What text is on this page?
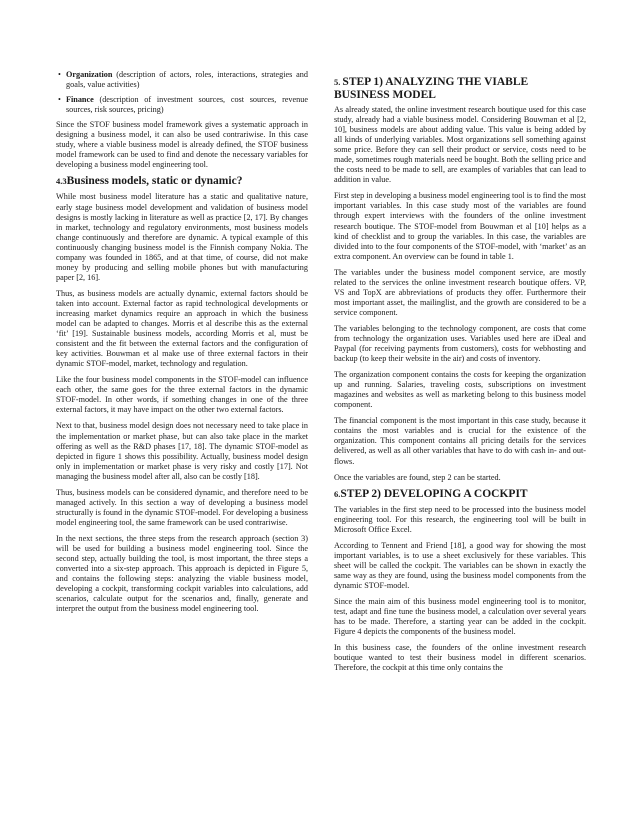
• Organization (description of actors, roles, interactions, strategies and goals, value activities)
• Finance (description of investment sources, cost sources, revenue sources, risk sources, pricing)

Since the STOF business model framework gives a systematic approach in designing a business model, it can also be used contrariwise. In this case study, where a viable business model is already defined, the STOF business model framework can be used to find and denote the necessary variables for developing a business model engineering tool.

4.3Business models, static or dynamic?

While most business model literature has a static and qualitative nature, early stage business model development and validation of business model designs is mostly lacking in literature as well as practice [2, 17]. By changes in market, technology and regulatory environments, most business models change continuously and therefore are dynamic. A typical example of this continuously changing business model is the Finnish company Nokia. The company was founded in 1865, and at that time, of course, did not make money by producing and selling mobile phones but with manufacturing paper [2, 16].

Thus, as business models are actually dynamic, external factors should be taken into account. External factor as rapid technological developments or increasing market dynamics require an approach in which the business model can be adapted to changes. Morris et al describe this as the external ‘fit’ [19]. Sustainable business models, according Morris et al, must be consistent and the fit between the external factors and the configuration of key activities. Bouwman et al make use of three external factors in their dynamic STOF-model, market, technology and regulation.

Like the four business model components in the STOF-model can influence each other, the same goes for the three external factors in the dynamic STOF-model. In other words, if something changes in one of the three external factors, it may have impact on the other two external factors.

Next to that, business model design does not necessary need to take place in the implementation or market phase, but can also take place in the market offering as well as the R&D phases [17, 18]. The dynamic STOF-model as depicted in figure 1 shows this possibility. Actually, business model design only in implementation or market phase is very risky and costly [17]. Not managing the business model after all, also can be costly [18].

Thus, business models can be considered dynamic, and therefore need to be managed actively. In this section a way of developing a business model structurally is found in the dynamic STOF-model. For developing a business model engineering tool, the same framework can be used contrariwise.

In the next sections, the three steps from the research approach (section 3) will be used for building a business model engineering tool. Since the second step, actually building the tool, is most important, the three steps a converted into a six-step approach. This approach is depicted in Figure 5, and contains the following steps: analyzing the viable business model, developing a cockpit, transforming cockpit variables into calculations, add scenarios, calculate output for the scenarios and, finally, generate and interpret the output from the business model engineering tool.

5. STEP 1) ANALYZING THE VIABLE BUSINESS MODEL

As already stated, the online investment research boutique used for this case study, already had a viable business model. Considering Bouwman et al [2, 10], business models are about adding value. This value is being added by all kinds of underlying variables. Most organizations sell something against some price. Before they can sell their product or service, costs need to be made, sometimes rough materials need be bought. Both the selling price and the costs need to be made to sell, are examples of variables that can lead to addition in value.

First step in developing a business model engineering tool is to find the most important variables. In this case study most of the variables are found through expert interviews with the founders of the online investment research boutique. The STOF-model from Bouwman et al [10] helps as a kind of checklist and to group the variables. In this case, the variables are divided into to the four components of the STOF-model, with ‘market’ as an extra component. An overview can be found in table 1.

The variables under the business model component service, are mostly related to the services the online investment research boutique offers. VP, VS and TopX are abbreviations of products they offer. Furthermore their most important asset, the mailinglist, and the growth are considered to be a service component.

The variables belonging to the technology component, are costs that come from technology the organization uses. Variables used here are iDeal and Paypal (for receiving payments from customers), costs for webhosting and backup (to keep their website in the air) and costs of inventory.

The organization component contains the costs for keeping the organization up and running. Salaries, traveling costs, subscriptions on investment magazines and websites as well as marketing belong to this business model component.

The financial component is the most important in this case study, because it contains the most variables and is crucial for the existence of the organization. This component contains all pricing details for the services delivered, as well as all other variables that have to do with cash in- and out-flows.

Once the variables are found, step 2 can be started.

6.STEP 2) DEVELOPING A COCKPIT

The variables in the first step need to be processed into the business model engineering tool. For this research, the engineering tool will be built in Microsoft Office Excel.

According to Tennent and Friend [18], a good way for showing the most important variables, is to use a sheet exclusively for these variables. This sheet will be called the cockpit. The variables can be shown in exactly the same way as they are found, using the business model components from the dynamic STOF-model.

Since the main aim of this business model engineering tool is to monitor, test, adapt and fine tune the business model, a calculation over several years has to be made. Therefore, a starting year can be added in the cockpit. Figure 4 depicts the components of the business model.

In this business case, the founders of the online investment research boutique wanted to test their business model in different scenarios. Therefore, the cockpit at this time only contains the
